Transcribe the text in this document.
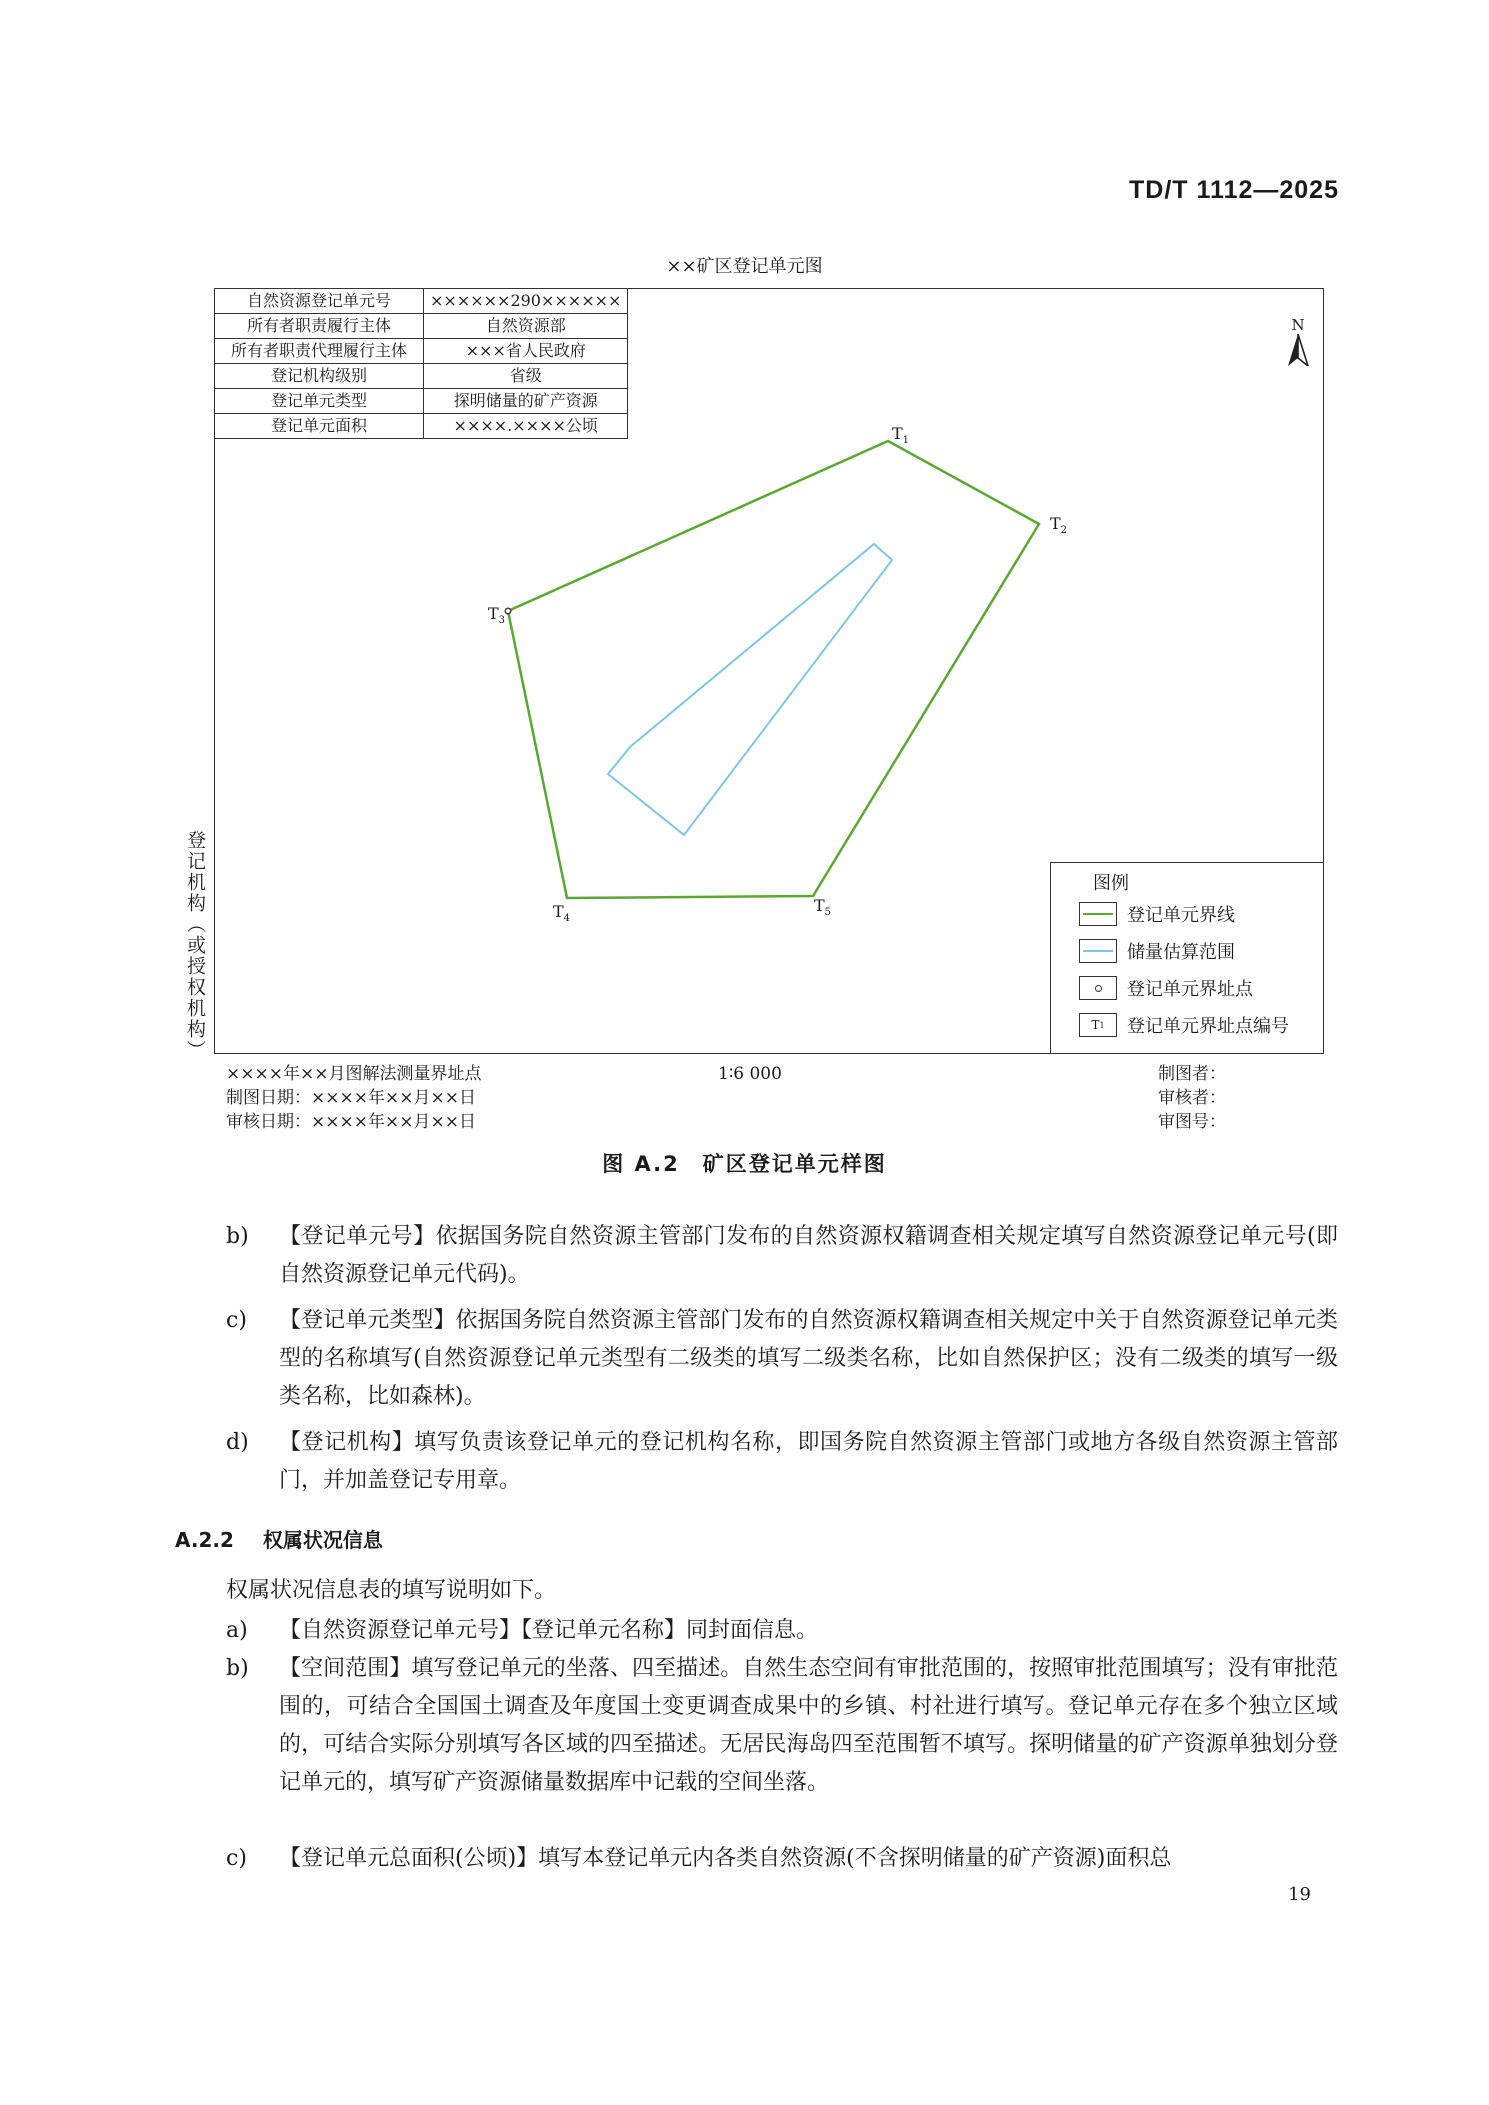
TD/T 1112—2025
××矿区登记单元图
自然资源登记单元号	××××××290××××××
所有者职责履行主体	自然资源部
所有者职责代理履行主体	×××省人民政府
登记机构级别	省级
登记单元类型	探明储量的矿产资源
登记单元面积	××××.××××公顷
N
$T_1$
$T_2$
$T_3$
$T_4$
$T_5$
登记机构（或授权机构）	图例
登记单元界线
储量估算范围
登记单元界址点
T 1 登记单元界址点编号
××××年××月图解法测量界址点
制图日期：××××年××月××日
审核日期：××××年××月××日
1∶6 000	制图者：
审核者：
审图号：
图 A.2　矿区登记单元样图
b) 【登记单元号】依据国务院自然资源主管部门发布的自然资源权籍调查相关规定填写自然资源登记单元号(即自然资源登记单元代码)。
c) 【登记单元类型】依据国务院自然资源主管部门发布的自然资源权籍调查相关规定中关于自然资源登记单元类型的名称填写(自然资源登记单元类型有二级类的填写二级类名称，比如自然保护区；没有二级类的填写一级类名称，比如森林)。
d) 【登记机构】填写负责该登记单元的登记机构名称，即国务院自然资源主管部门或地方各级自然资源主管部门，并加盖登记专用章。
A.2.2 权属状况信息
权属状况信息表的填写说明如下。
a) 【自然资源登记单元号】【登记单元名称】同封面信息。
b) 【空间范围】填写登记单元的坐落、四至描述。自然生态空间有审批范围的，按照审批范围填写；没有审批范围的，可结合全国国土调查及年度国土变更调查成果中的乡镇、村社进行填写。登记单元存在多个独立区域的，可结合实际分别填写各区域的四至描述。无居民海岛四至范围暂不填写。探明储量的矿产资源单独划分登记单元的，填写矿产资源储量数据库中记载的空间坐落。
c) 【登记单元总面积(公顷)】填写本登记单元内各类自然资源(不含探明储量的矿产资源)面积总
19
